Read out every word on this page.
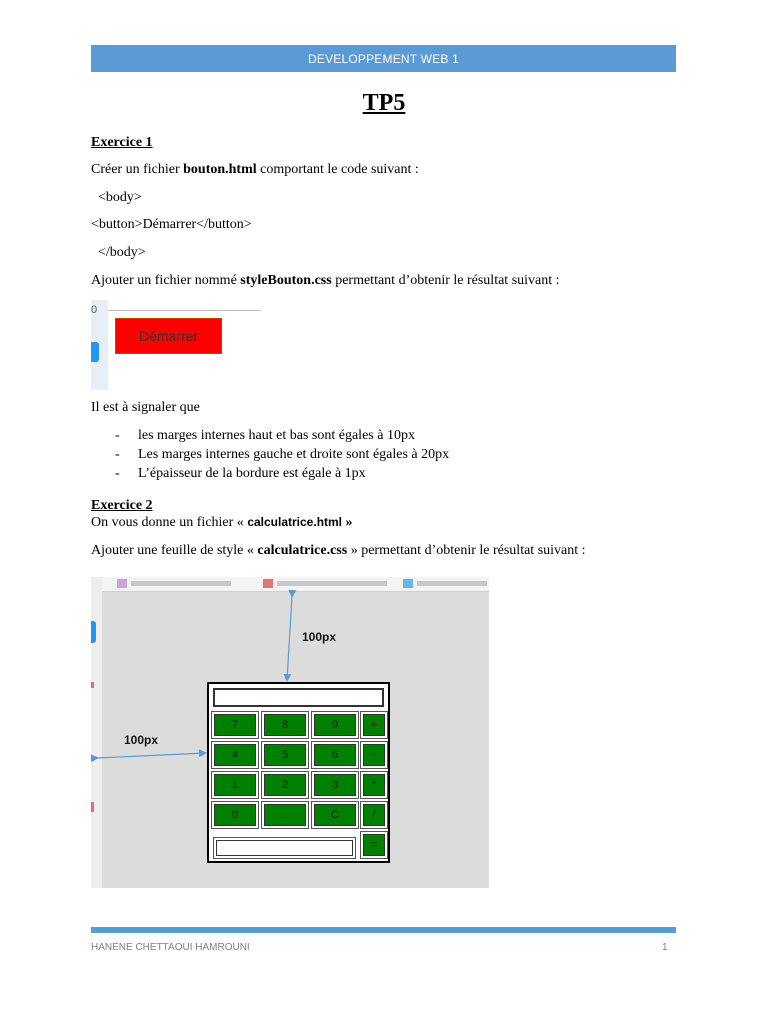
DEVELOPPEMENT WEB 1
TP5
Exercice 1
Créer un fichier bouton.html comportant le code suivant :
<body>
<button>Démarrer</button>
</body>
Ajouter un fichier nommé styleBouton.css permettant d’obtenir le résultat suivant :
0
Démarrer
Il est à signaler que
- les marges internes haut et bas sont égales à 10px
- Les marges internes gauche et droite sont égales à 20px
- L’épaisseur de la bordure est égale à 1px
Exercice 2
On vous donne un fichier « calculatrice.html »
Ajouter une feuille de style « calculatrice.css » permettant d’obtenir le résultat suivant :
100px
100px
7	8	9	+
4	5	6	-
1	2	3	*
0	.	C	/
=
HANENE CHETTAOUI HAMROUNI	1
